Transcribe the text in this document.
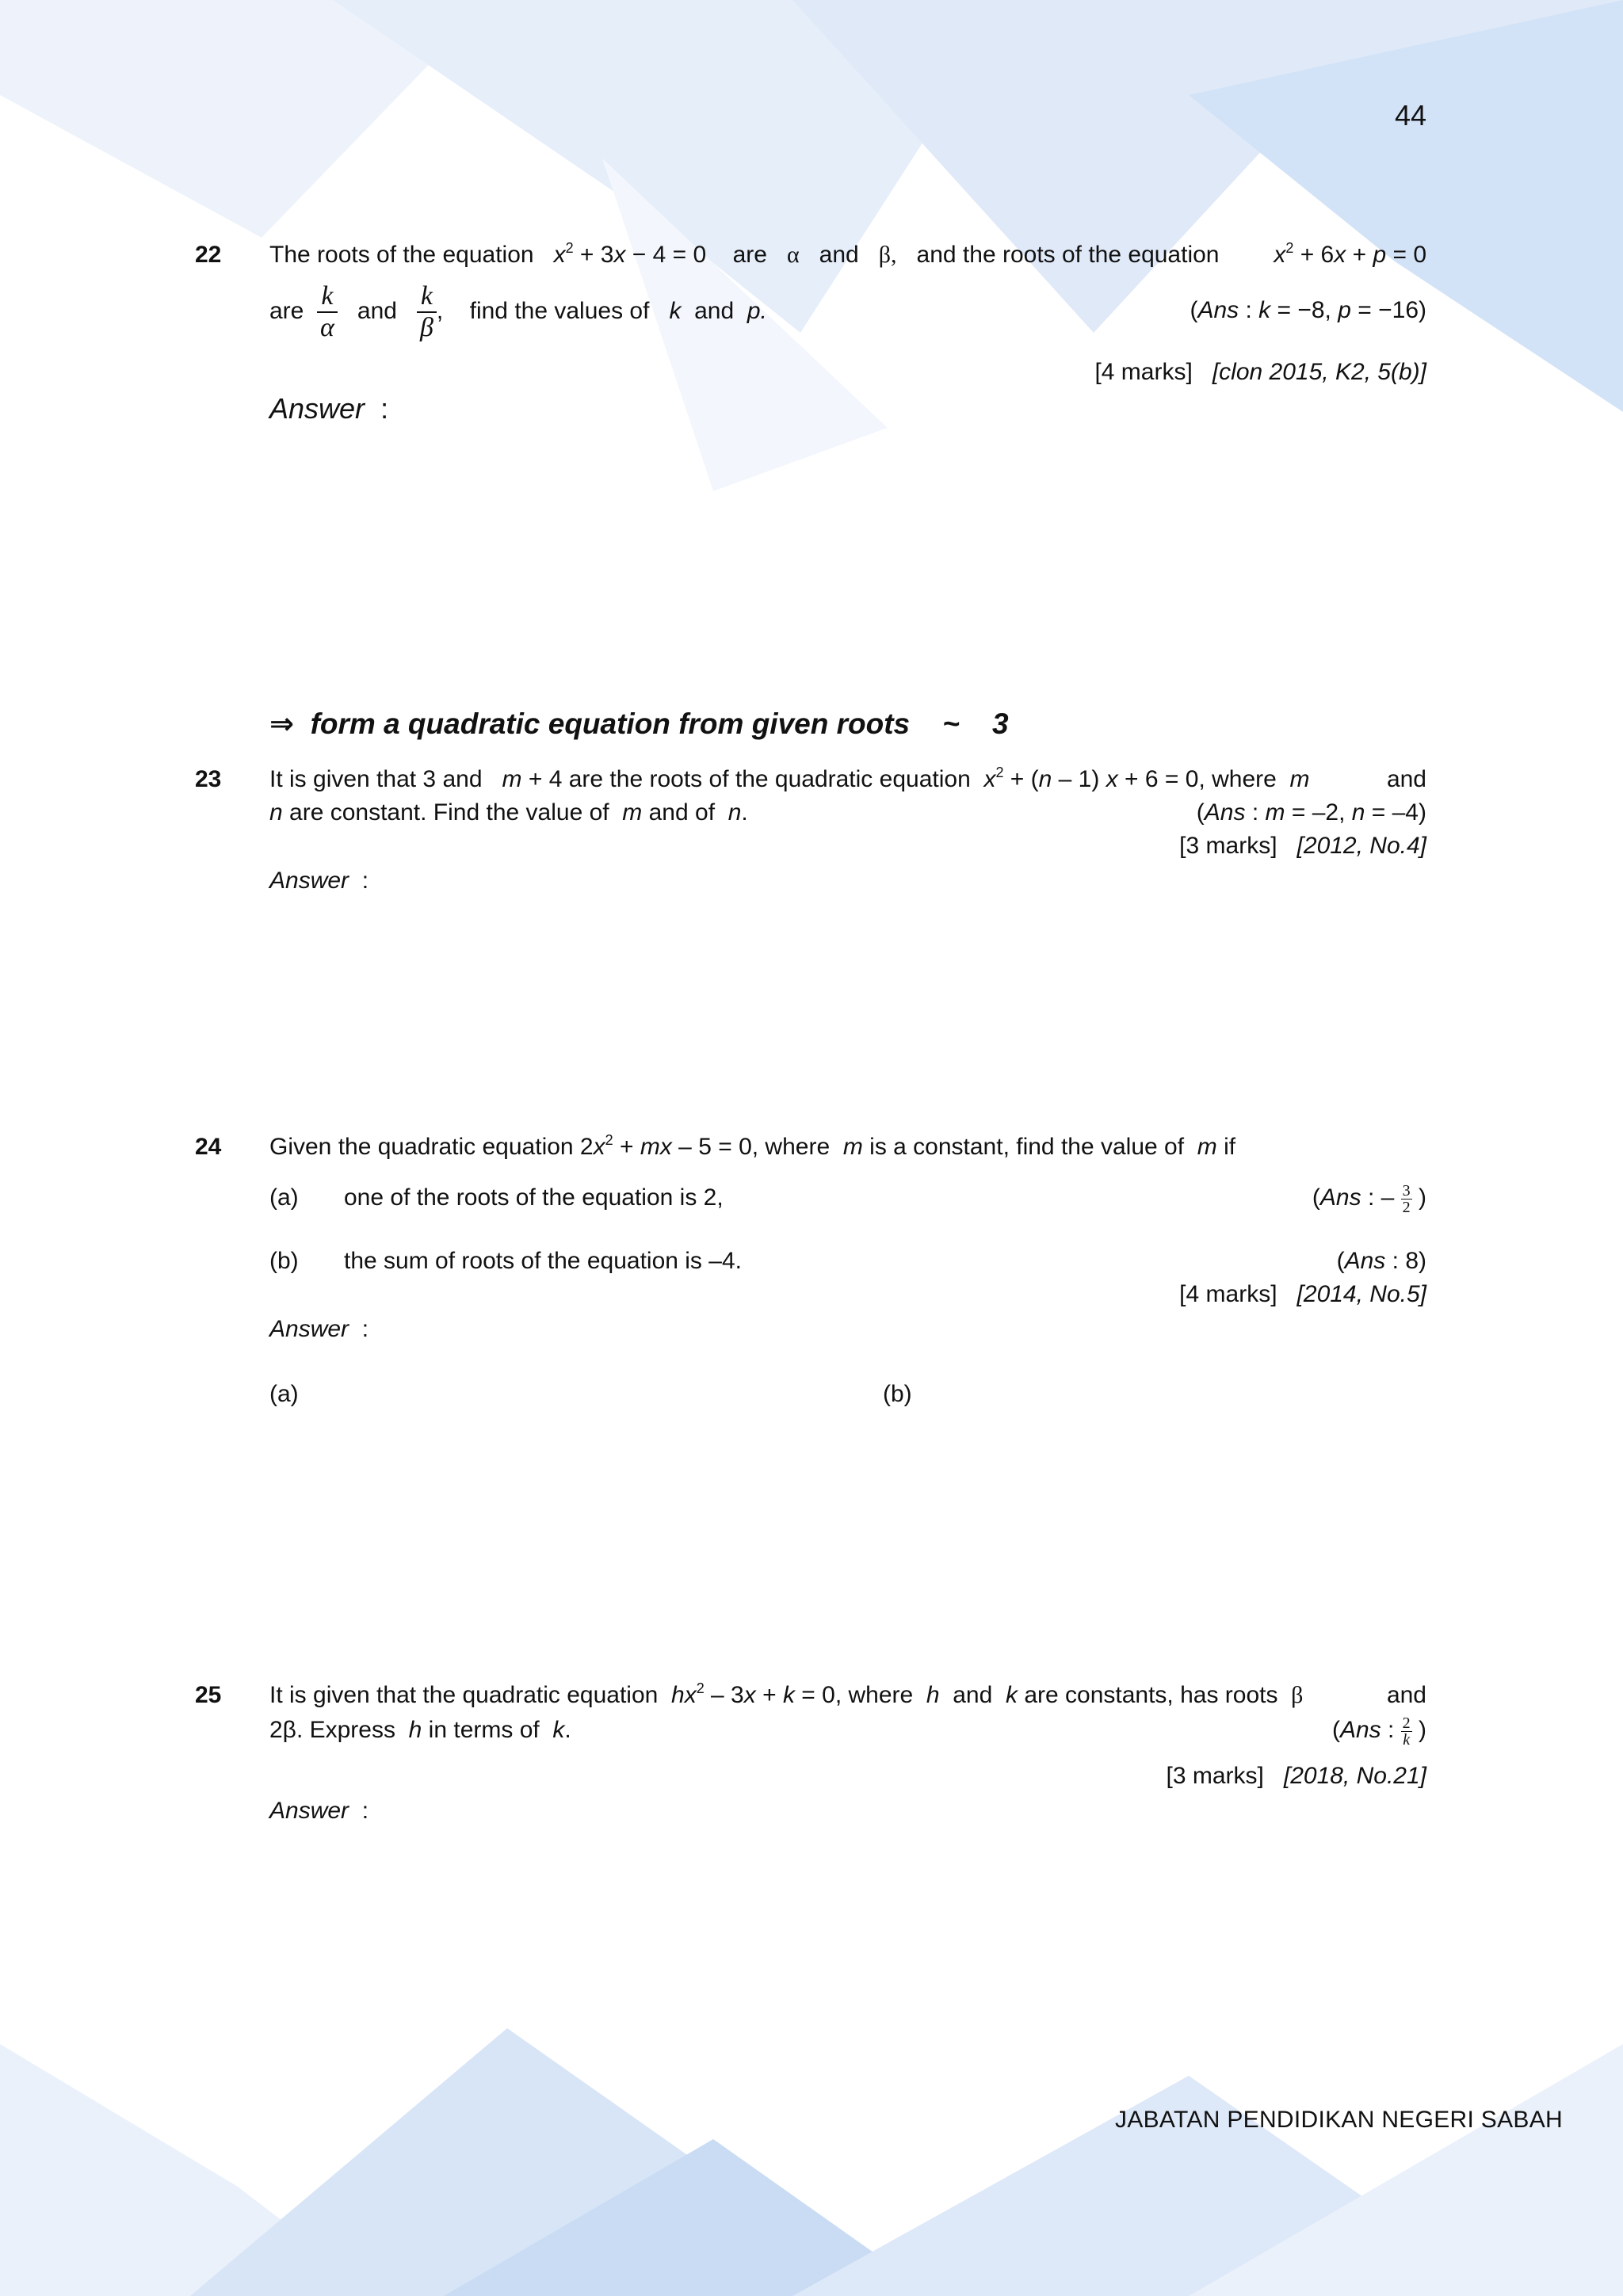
44
22 The roots of the equation $x^2 + 3x - 4 = 0$ are α and β, and the roots of the equation	$x^2 + 6x + p = 0$
are $\frac{k}{\alpha}$ and $\frac{k}{\beta}$ , find the values of k and p.	(Ans : k = −8, p = −16)
[4 marks] [clon 2015, K2, 5(b)]
Answer :
⇒ form a quadratic equation from given roots ~ 3
23 It is given that 3 and m + 4 are the roots of the quadratic equation $x^2 + (n - 1) x + 6 = 0$, where m	and
n are constant. Find the value of m and of n.	(Ans : m = –2, n = –4)
[3 marks] [2012, No.4]
Answer :
24 Given the quadratic equation $2x^2$ + mx – 5 = 0, where m is a constant, find the value of m if
(a) one of the roots of the equation is 2,	(Ans : – $\frac{3}{2}$ )
(b) the sum of roots of the equation is –4.	(Ans : 8)
[4 marks] [2014, No.5]
Answer :
(a)	(b)
25 It is given that the quadratic equation $hx^2 - 3x + k = 0$, where h and k are constants, has roots β	and
2β. Express h in terms of k.	(Ans : $\frac{2}{k}$ )
[3 marks] [2018, No.21]
Answer :
JABATAN PENDIDIKAN NEGERI SABAH
